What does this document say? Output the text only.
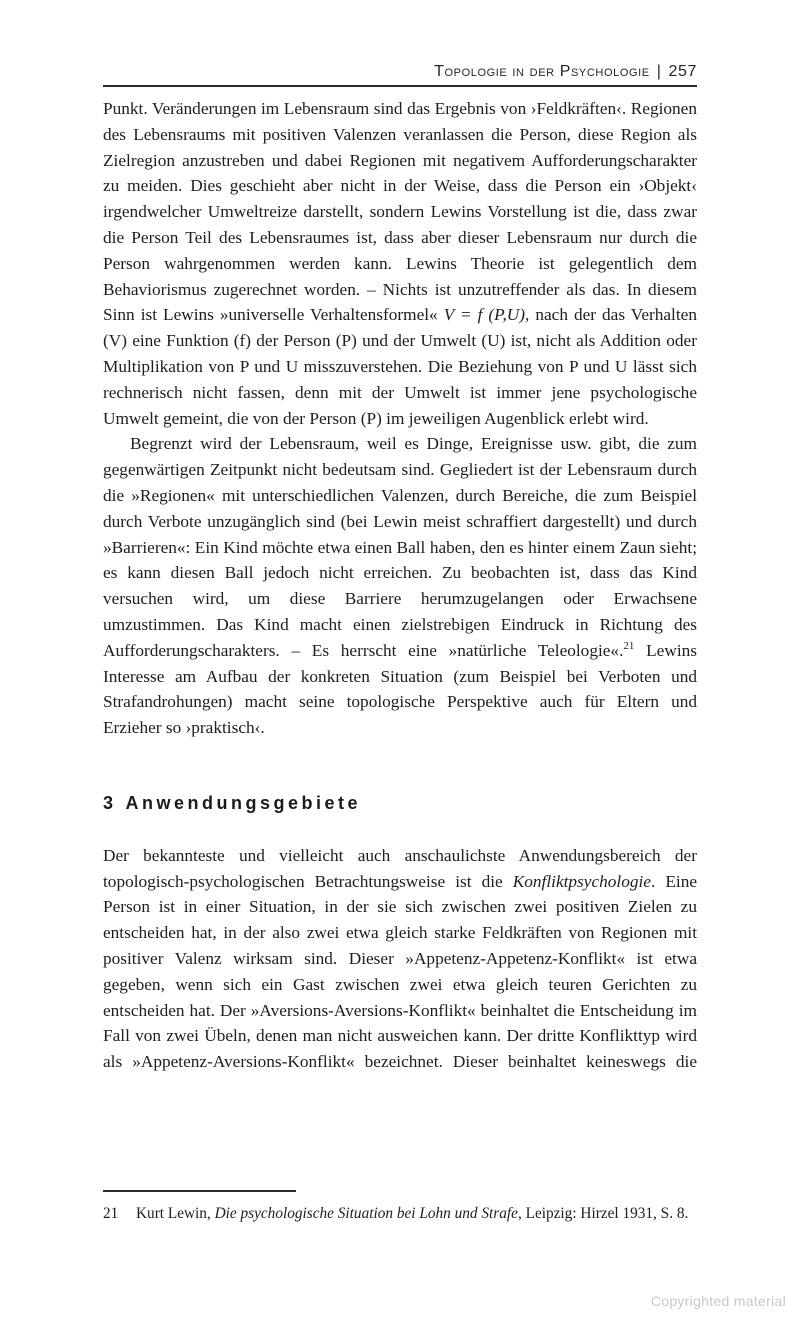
Topologie in der Psychologie | 257

Punkt. Veränderungen im Lebensraum sind das Ergebnis von ›Feldkräften‹. Regionen des Lebensraums mit positiven Valenzen veranlassen die Person, diese Region als Zielregion anzustreben und dabei Regionen mit negativem Aufforderungscharakter zu meiden. Dies geschieht aber nicht in der Weise, dass die Person ein ›Objekt‹ irgendwelcher Umweltreize darstellt, sondern Lewins Vorstellung ist die, dass zwar die Person Teil des Lebensraumes ist, dass aber dieser Lebensraum nur durch die Person wahrgenommen werden kann. Lewins Theorie ist gelegentlich dem Behaviorismus zugerechnet worden. – Nichts ist unzutreffender als das. In diesem Sinn ist Lewins »universelle Verhaltensformel« V = f (P,U), nach der das Verhalten (V) eine Funktion (f) der Person (P) und der Umwelt (U) ist, nicht als Addition oder Multiplikation von P und U misszuverstehen. Die Beziehung von P und U lässt sich rechnerisch nicht fassen, denn mit der Umwelt ist immer jene psychologische Umwelt gemeint, die von der Person (P) im jeweiligen Augenblick erlebt wird.

Begrenzt wird der Lebensraum, weil es Dinge, Ereignisse usw. gibt, die zum gegenwärtigen Zeitpunkt nicht bedeutsam sind. Gegliedert ist der Lebensraum durch die »Regionen« mit unterschiedlichen Valenzen, durch Bereiche, die zum Beispiel durch Verbote unzugänglich sind (bei Lewin meist schraffiert dargestellt) und durch »Barrieren«: Ein Kind möchte etwa einen Ball haben, den es hinter einem Zaun sieht; es kann diesen Ball jedoch nicht erreichen. Zu beobachten ist, dass das Kind versuchen wird, um diese Barriere herumzugelangen oder Erwachsene umzustimmen. Das Kind macht einen zielstrebigen Eindruck in Richtung des Aufforderungscharakters. – Es herrscht eine »natürliche Teleologie«.$^{21}$ Lewins Interesse am Aufbau der konkreten Situation (zum Beispiel bei Verboten und Strafandrohungen) macht seine topologische Perspektive auch für Eltern und Erzieher so ›praktisch‹.

3 Anwendungsgebiete

Der bekannteste und vielleicht auch anschaulichste Anwendungsbereich der topologisch-psychologischen Betrachtungsweise ist die Konfliktpsychologie. Eine Person ist in einer Situation, in der sie sich zwischen zwei positiven Zielen zu entscheiden hat, in der also zwei etwa gleich starke Feldkräften von Regionen mit positiver Valenz wirksam sind. Dieser »Appetenz-Appetenz-Konflikt« ist etwa gegeben, wenn sich ein Gast zwischen zwei etwa gleich teuren Gerichten zu entscheiden hat. Der »Aversions-Aversions-Konflikt« beinhaltet die Entscheidung im Fall von zwei Übeln, denen man nicht ausweichen kann. Der dritte Konflikttyp wird als »Appetenz-Aversions-Konflikt« bezeichnet. Dieser beinhaltet keineswegs die

21	Kurt Lewin, Die psychologische Situation bei Lohn und Strafe, Leipzig: Hirzel 1931, S. 8.
Copyrighted material
